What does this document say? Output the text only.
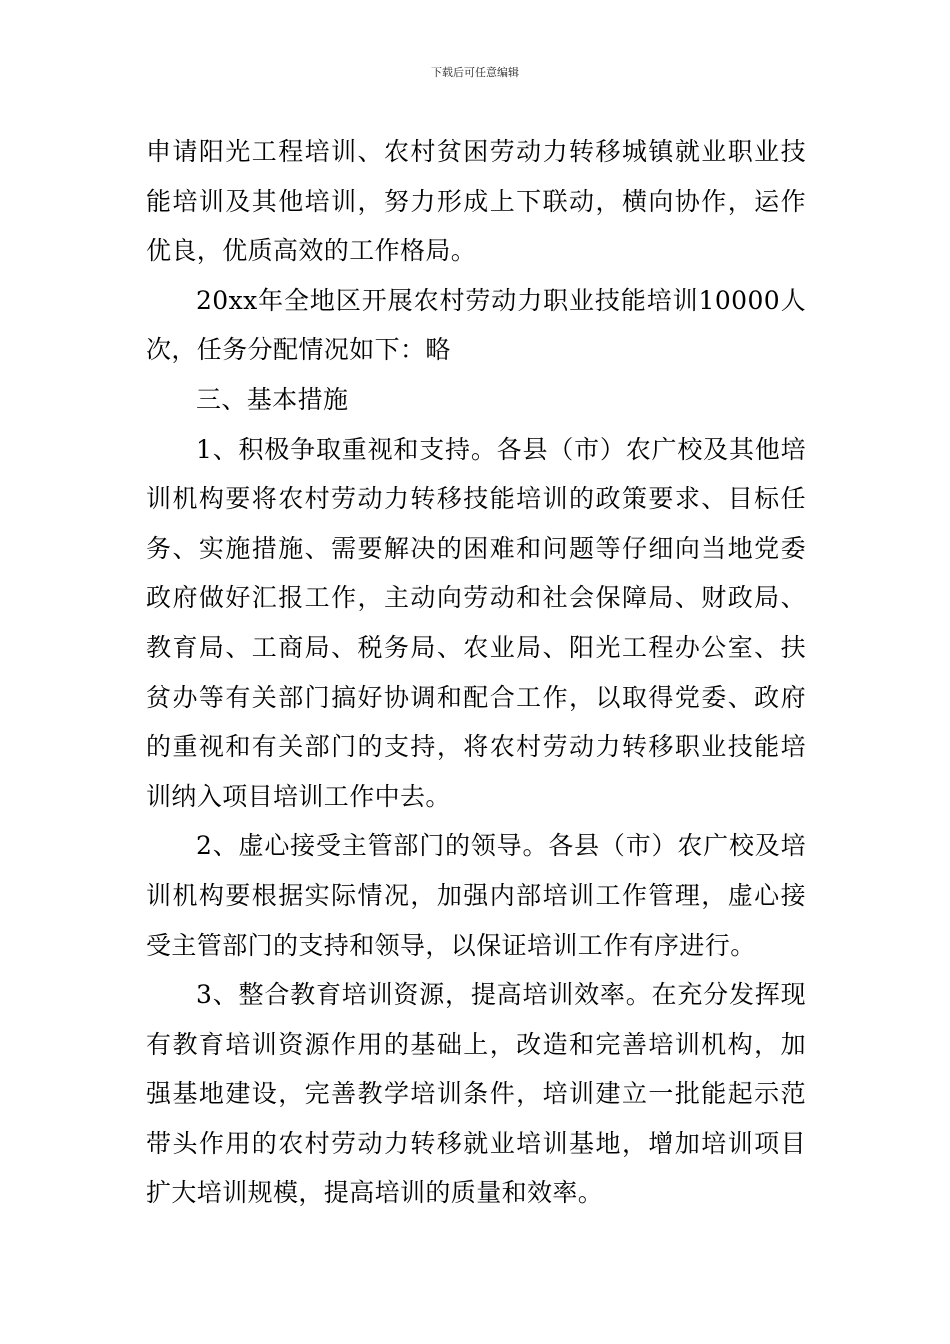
下载后可任意编辑

申请阳光工程培训、农村贫困劳动力转移城镇就业职业技能培训及其他培训，努力形成上下联动，横向协作，运作优良，优质高效的工作格局。

20xx年全地区开展农村劳动力职业技能培训10000人次，任务分配情况如下：略

三、基本措施

1、积极争取重视和支持。各县（市）农广校及其他培训机构要将农村劳动力转移技能培训的政策要求、目标任务、实施措施、需要解决的困难和问题等仔细向当地党委政府做好汇报工作，主动向劳动和社会保障局、财政局、教育局、工商局、税务局、农业局、阳光工程办公室、扶贫办等有关部门搞好协调和配合工作，以取得党委、政府的重视和有关部门的支持，将农村劳动力转移职业技能培训纳入项目培训工作中去。

2、虚心接受主管部门的领导。各县（市）农广校及培训机构要根据实际情况，加强内部培训工作管理，虚心接受主管部门的支持和领导，以保证培训工作有序进行。

3、整合教育培训资源，提高培训效率。在充分发挥现有教育培训资源作用的基础上，改造和完善培训机构，加强基地建设，完善教学培训条件，培训建立一批能起示范带头作用的农村劳动力转移就业培训基地，增加培训项目扩大培训规模，提高培训的质量和效率。
